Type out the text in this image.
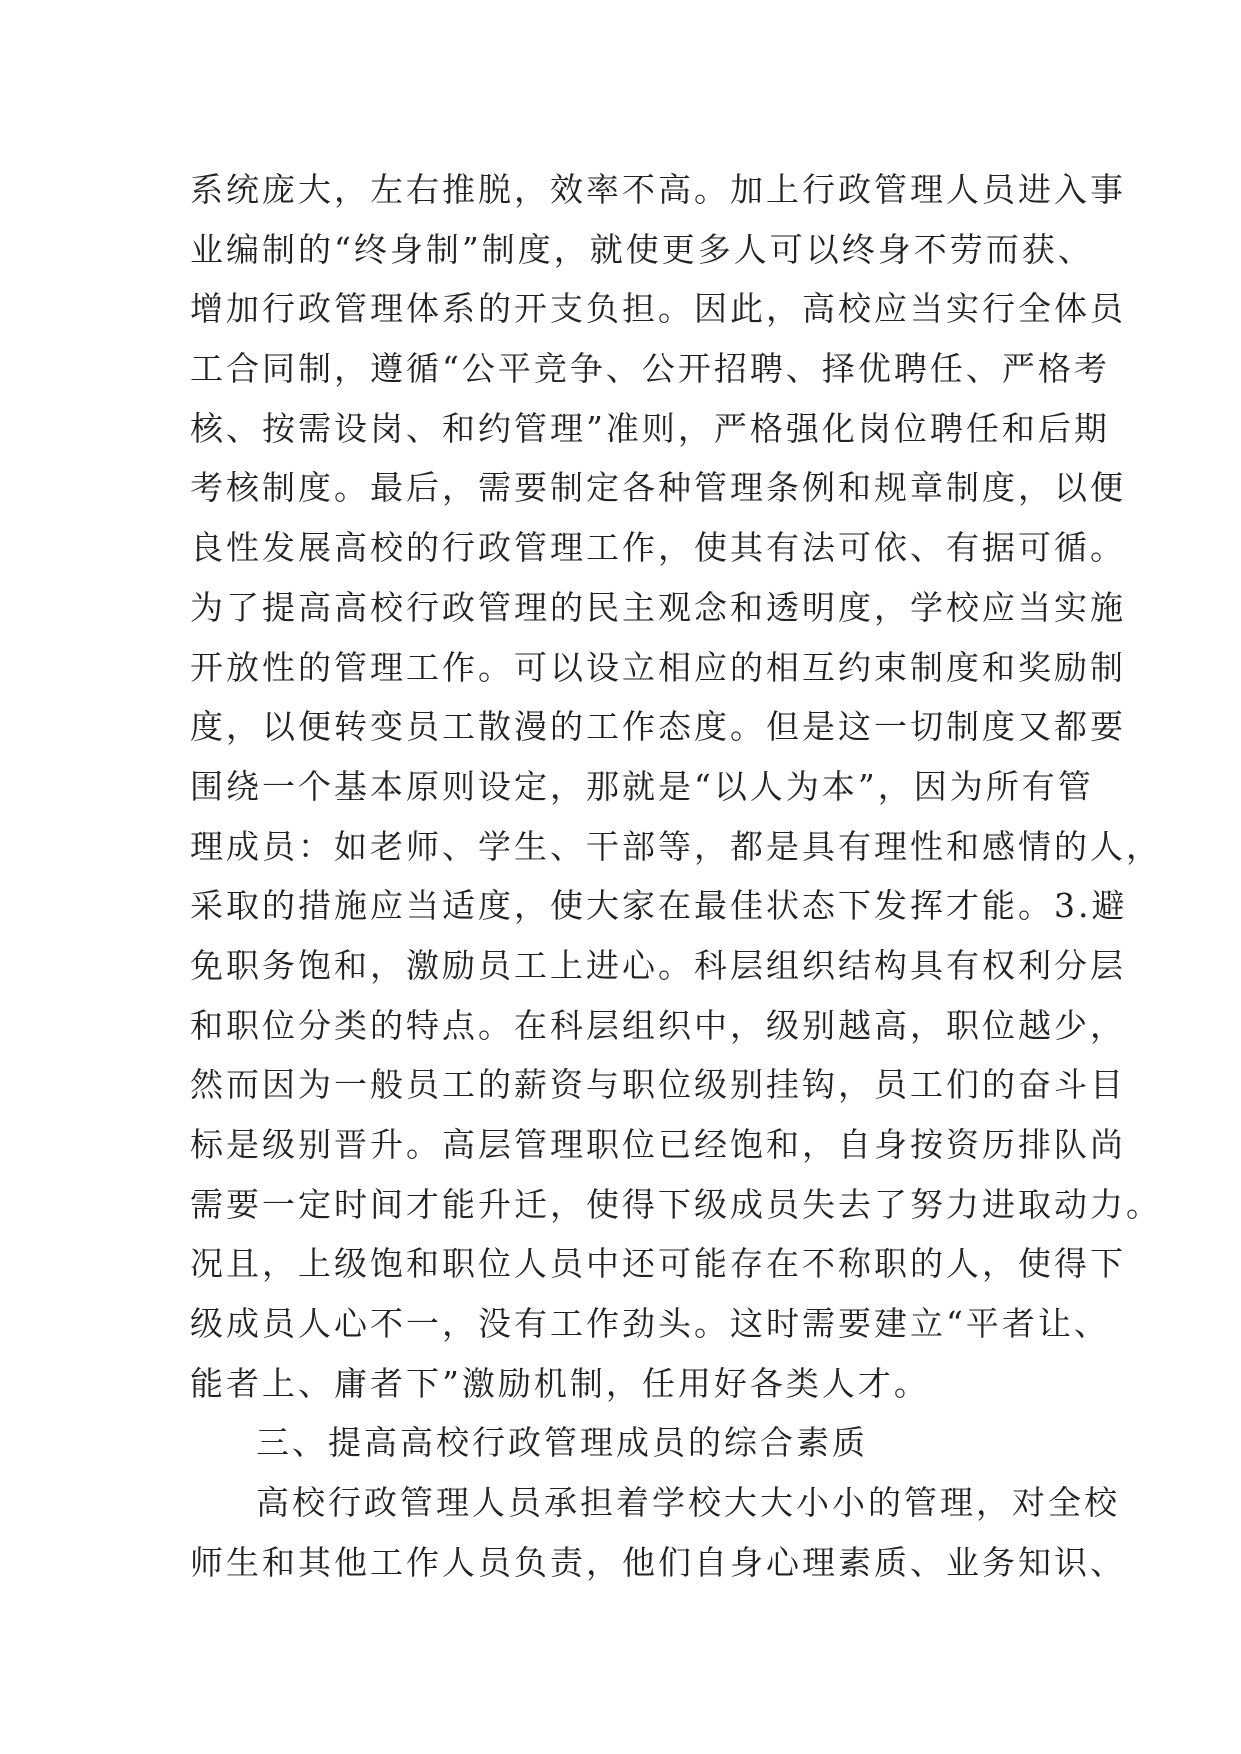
系统庞大，左右推脱，效率不高。加上行政管理人员进入事
业编制的“终身制”制度，就使更多人可以终身不劳而获、
增加行政管理体系的开支负担。因此，高校应当实行全体员
工合同制，遵循“公平竞争、公开招聘、择优聘任、严格考
核、按需设岗、和约管理”准则，严格强化岗位聘任和后期
考核制度。最后，需要制定各种管理条例和规章制度，以便
良性发展高校的行政管理工作，使其有法可依、有据可循。
为了提高高校行政管理的民主观念和透明度，学校应当实施
开放性的管理工作。可以设立相应的相互约束制度和奖励制
度，以便转变员工散漫的工作态度。但是这一切制度又都要
围绕一个基本原则设定，那就是“以人为本”，因为所有管
理成员：如老师、学生、干部等，都是具有理性和感情的人，
采取的措施应当适度，使大家在最佳状态下发挥才能。3.避
免职务饱和，激励员工上进心。科层组织结构具有权利分层
和职位分类的特点。在科层组织中，级别越高，职位越少，
然而因为一般员工的薪资与职位级别挂钩，员工们的奋斗目
标是级别晋升。高层管理职位已经饱和，自身按资历排队尚
需要一定时间才能升迁，使得下级成员失去了努力进取动力。
况且，上级饱和职位人员中还可能存在不称职的人，使得下
级成员人心不一，没有工作劲头。这时需要建立“平者让、
能者上、庸者下”激励机制，任用好各类人才。
三、提高高校行政管理成员的综合素质
高校行政管理人员承担着学校大大小小的管理，对全校
师生和其他工作人员负责，他们自身心理素质、业务知识、
